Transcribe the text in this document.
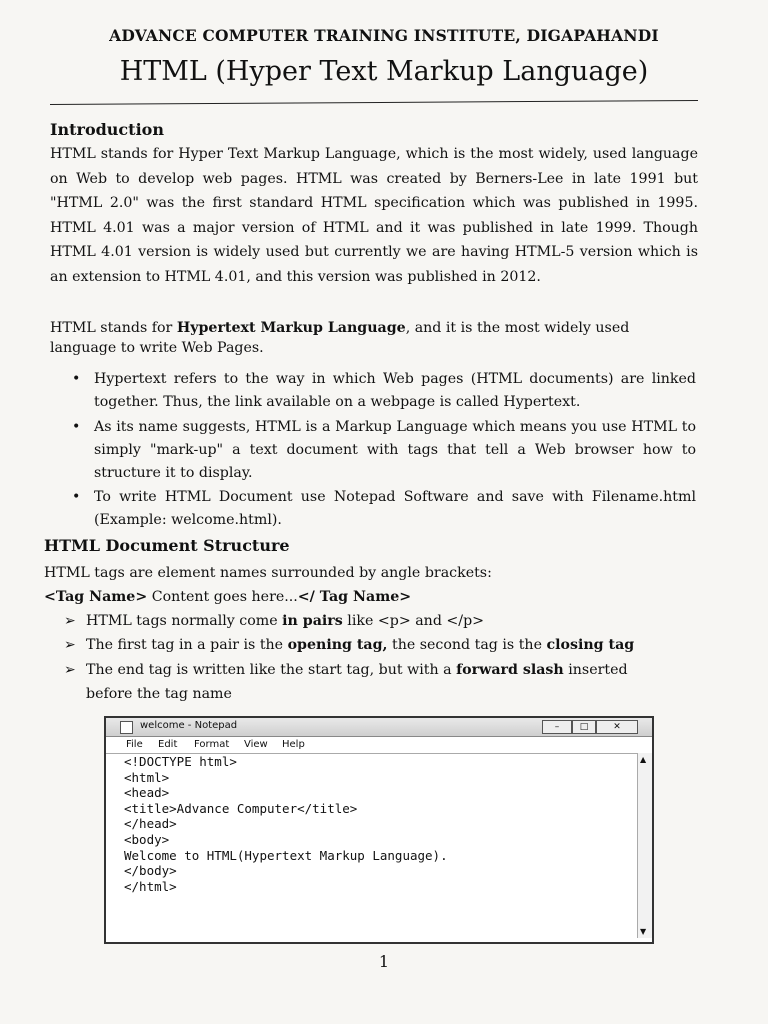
ADVANCE COMPUTER TRAINING INSTITUTE, DIGAPAHANDI
HTML (Hyper Text Markup Language)
Introduction
HTML stands for Hyper Text Markup Language, which is the most widely, used language on Web to develop web pages. HTML was created by Berners-Lee in late 1991 but "HTML 2.0" was the first standard HTML specification which was published in 1995. HTML 4.01 was a major version of HTML and it was published in late 1999. Though HTML 4.01 version is widely used but currently we are having HTML-5 version which is an extension to HTML 4.01, and this version was published in 2012.
HTML stands for Hypertext Markup Language, and it is the most widely used language to write Web Pages.
• Hypertext refers to the way in which Web pages (HTML documents) are linked together. Thus, the link available on a webpage is called Hypertext.
• As its name suggests, HTML is a Markup Language which means you use HTML to simply "mark-up" a text document with tags that tell a Web browser how to structure it to display.
• To write HTML Document use Notepad Software and save with Filename.html (Example: welcome.html).
HTML Document Structure
HTML tags are element names surrounded by angle brackets:
<Tag Name> Content goes here...</ Tag Name>
➢ HTML tags normally come in pairs like <p> and </p>
➢ The first tag in a pair is the opening tag, the second tag is the closing tag
➢ The end tag is written like the start tag, but with a forward slash inserted
before the tag name
welcome - Notepad	–	□	✕
File Edit Format View Help
<!DOCTYPE html>
<html>
<head>
<title>Advance Computer</title>
</head>
<body>
Welcome to HTML(Hypertext Markup Language).
</body>
</html>
▲
▼
1
